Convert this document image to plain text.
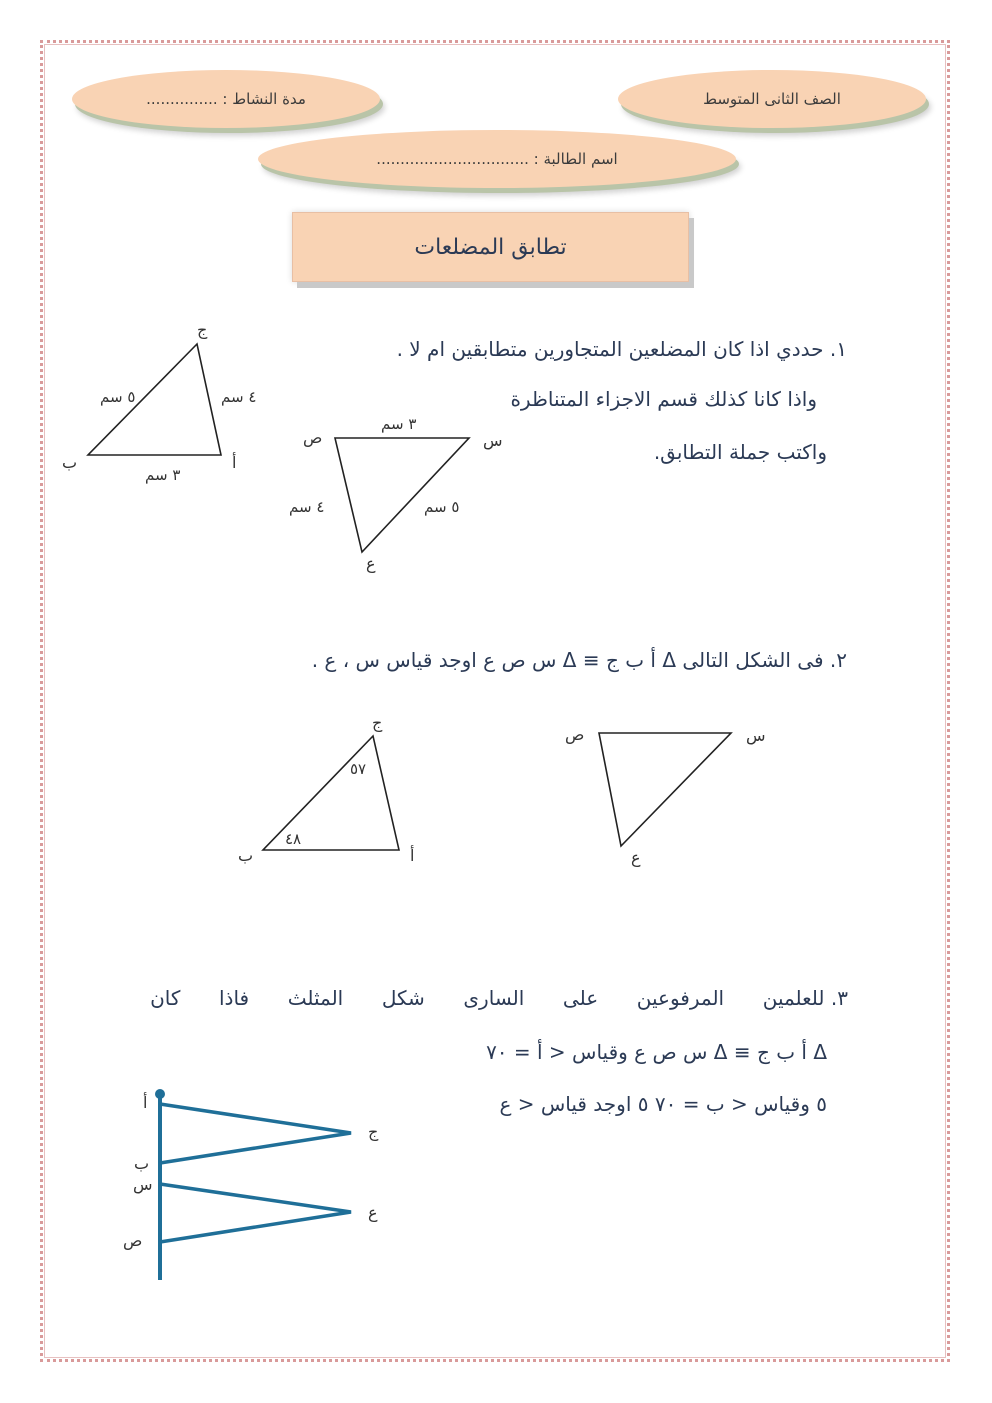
الصف الثانى المتوسط
مدة النشاط : ...............
اسم الطالبة : ................................
تطابق المضلعات
١. حددي اذا كان المضلعين المتجاورين متطابقين ام لا .
واذا كانا كذلك قسم الاجزاء المتناظرة
واكتب جملة التطابق.
٢. فى الشكل التالى Δ أ ب ج ≡ Δ س ص ع اوجد قياس س ، ع .
٣. للعلمين
المرفوعين
على
السارى
شكل
المثلث
فاذا
كان
Δ أ ب ج ≡ Δ س ص ع وقياس < أ = ٧٠
٥ وقياس < ب = ٧٠ ٥ اوجد قياس < ع
ج
ب	أ
٥ سم	٤ سم
٣ سم
ص	س
ع
٣ سم
٤ سم	٥ سم
ج
ب	أ
٥٧
٤٨
ص	س
ع
أ
ج
ب
س
ع
ص
